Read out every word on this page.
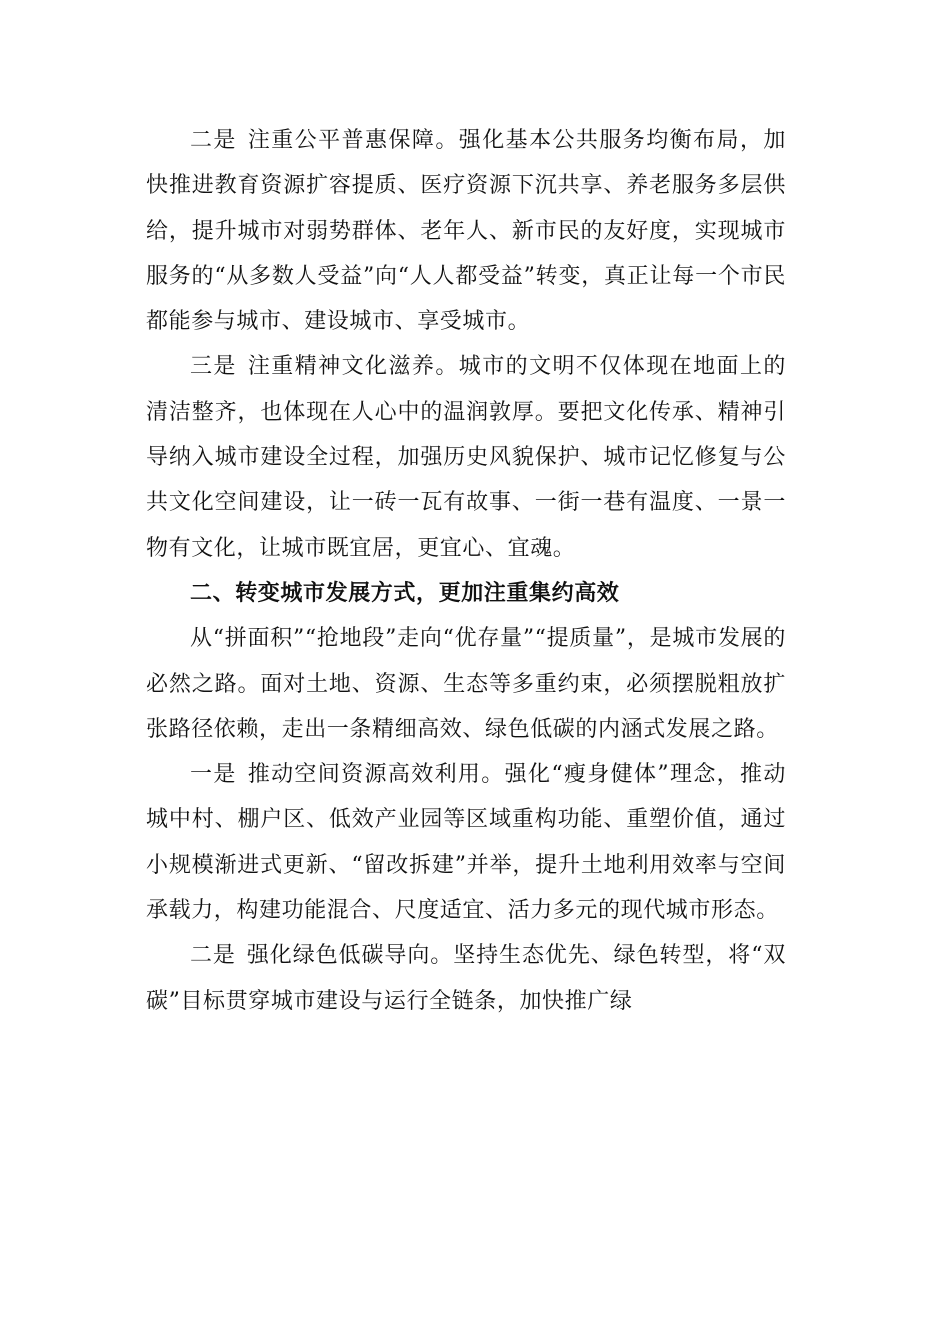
二是 注重公平普惠保障。强化基本公共服务均衡布局，加快推进教育资源扩容提质、医疗资源下沉共享、养老服务多层供给，提升城市对弱势群体、老年人、新市民的友好度，实现城市服务的“从多数人受益”向“人人都受益”转变，真正让每一个市民都能参与城市、建设城市、享受城市。

三是 注重精神文化滋养。城市的文明不仅体现在地面上的清洁整齐，也体现在人心中的温润敦厚。要把文化传承、精神引导纳入城市建设全过程，加强历史风貌保护、城市记忆修复与公共文化空间建设，让一砖一瓦有故事、一街一巷有温度、一景一物有文化，让城市既宜居，更宜心、宜魂。

二、转变城市发展方式，更加注重集约高效

从“拼面积”“抢地段”走向“优存量”“提质量”，是城市发展的必然之路。面对土地、资源、生态等多重约束，必须摆脱粗放扩张路径依赖，走出一条精细高效、绿色低碳的内涵式发展之路。

一是 推动空间资源高效利用。强化“瘦身健体”理念，推动城中村、棚户区、低效产业园等区域重构功能、重塑价值，通过小规模渐进式更新、“留改拆建”并举，提升土地利用效率与空间承载力，构建功能混合、尺度适宜、活力多元的现代城市形态。

二是 强化绿色低碳导向。坚持生态优先、绿色转型，将“双碳”目标贯穿城市建设与运行全链条，加快推广绿
